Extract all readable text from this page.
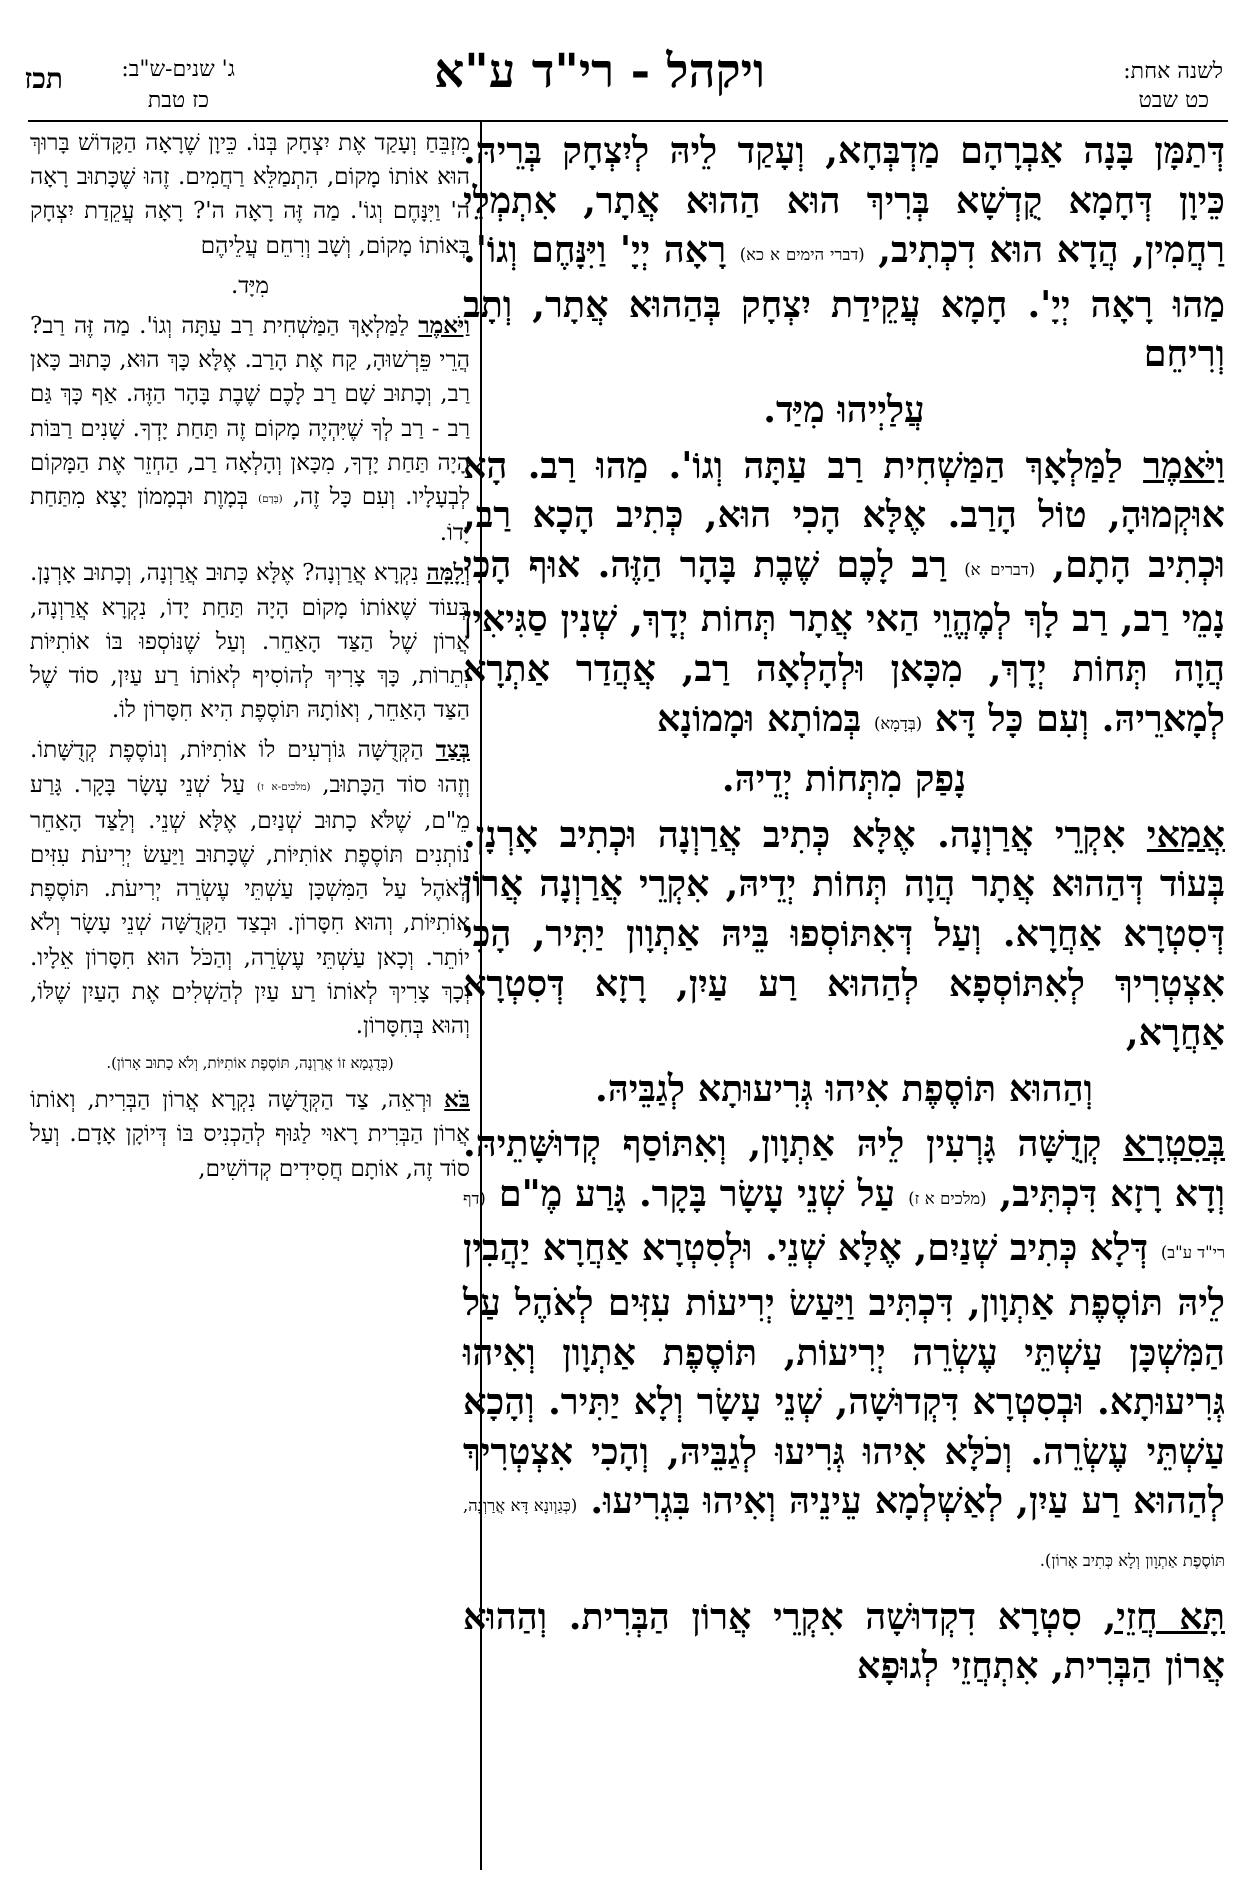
לשנה אחת:
כט שבט
ויקהל - רי"ד ע"א
ג' שנים-ש"ב:
כז טבת
תכז

דְּתַמָּן בָּנָה אַבְרָהָם מַדְבְּחָא, וְעָקַד לֵיהּ לְיִצְחָק בְּרֵיהּ. כֵּיוָן דְּחָמָא קֻדְשָׁא בְּרִיךְ הוּא הַהוּא אֲתָר, אִתְמְלֵי רַחֲמִין, הֲדָא הוּא דִכְתִיב, (דברי הימים א כא) רָאָה יְיָ' וַיִּנָּחֶם וְגוֹ'. מַהוּ רָאָה יְיָ'. חָמָא עֲקֵידַת יִצְחָק בְּהַהוּא אֲתָר, וְתָב וְרִיחֵם

עֲלַיְיהוּ מִיַּד.

וַיֹּאמֶר לַמַּלְאָךְ הַמַּשְׁחִית רַב עַתָּה וְגוֹ'. מַהוּ רַב. הָא אוּקְמוּהָ, טוֹל הָרַב. אֶלָּא הָכִי הוּא, כְּתִיב הָכָא רַב, וּכְתִיב הָתָם, (דברים א) רַב לָכֶם שֶׁבֶת בָּהָר הַזֶּה. אוּף הָכִי נָמֵי רַב, רַב לָךְ לְמֶהֱוֵי הַאי אֲתָר תְּחוֹת יְדָךְ, שְׁנִין סַגִּיאִין הֲוָה תְּחוֹת יְדָךְ, מִכָּאן וּלְהָלְאָה רַב, אֲהֲדַר אַתְרָא לְמָארֵיהּ. וְעִם כָּל דָּא (בְּדָמָא) בְּמוֹתָא וּמָמוֹנָא

נָפַק מִתְּחוֹת יְדֵיהּ.

אֲמַאי אִקְרֵי אֲרַוְנָה. אֶלָּא כְּתִיב אֲרַוְנָה וּכְתִיב אָרְנָן. בְּעוֹד דְּהַהוּא אֲתָר הֲוָה תְּחוֹת יְדֵיהּ, אִקְרֵי אֲרַוְנָה אֲרוֹן דְּסִטְרָא אַחֲרָא. וְעַל דְּאִתּוֹסְפוּ בֵּיהּ אַתְוָון יַתִּיר, הָכִי אִצְטְרִיךְ לְאִתּוֹסְפָא לְהַהוּא רַע עַיִן, רָזָא דְּסִטְרָא אַחֲרָא,

וְהַהוּא תּוֹסֶפֶת אִיהוּ גְּרִיעוּתָא לְגַבֵּיהּ.

בְּסִטְרָא קְדֻשָּׁה גָּרְעִין לֵיהּ אַתְוָון, וְאִתּוֹסַף קְדוּשָּׁתֵיהּ. וְדָא רָזָא דִּכְתִּיב, (מלכים א ז) עַל שְׁנֵי עָשָׂר בָּקָר. גָּרַע מֶ"ם (דף רי"ד ע"ב) דְּלָא כְּתִיב שְׁנַיִם, אֶלָּא שְׁנֵי. וּלְסִטְרָא אַחֲרָא יַהֲבִין לֵיהּ תּוֹסֶפֶת אַתְוָון, דִּכְתִּיב וַיַּעַשׂ יְרִיעוֹת עִזִּים לְאֹהֶל עַל הַמִּשְׁכָּן עַשְׁתֵּי עֶשְׂרֵה יְרִיעוֹת, תּוֹסֶפֶת אַתְוָון וְאִיהוּ גְּרִיעוּתָא. וּבְסִטְרָא דִּקְדוּשָׁה, שְׁנֵי עָשָׂר וְלָא יַתִּיר. וְהָכָא עַשְׁתֵּי עֶשְׂרֵה. וְכֹלָּא אִיהוּ גְּרִיעוּ לְגַבֵּיהּ, וְהָכִי אִצְטְרִיךְ לְהַהוּא רַע עַיִן, לְאַשְׁלְמָא עֵינֵיהּ וְאִיהוּ בִּגְרִיעוּ. (כְּגַוְונָא דָּא אֲרַוְנָה, תּוֹסֶפֶת אַתְוָון וְלָא כְּתִיב אָרוֹן).

תָּא חֲזֵי, סִטְרָא דִקְדוּשָׁה אִקְרֵי אֲרוֹן הַבְּרִית. וְהַהוּא אֲרוֹן הַבְּרִית, אִתְחֲזֵי לְגוּפָא

מִזְבֵּחַ וְעָקַד אֶת יִצְחָק בְּנוֹ. כֵּיוָן שֶׁרָאָה הַקָּדוֹשׁ בָּרוּךְ הוּא אוֹתוֹ מָקוֹם, הִתְמַלֵּא רַחֲמִים. זֶהוּ שֶׁכָּתוּב רָאָה ה' וַיִּנָּחֶם וְגוֹ'. מַה זֶּה רָאָה ה'? רָאָה עֲקֵדַת יִצְחָק בְּאוֹתוֹ מָקוֹם, וְשָׁב וְרִחֵם עֲלֵיהֶם

מִיָּד.

וַיֹּאמֶר לַמַּלְאָךְ הַמַּשְׁחִית רַב עַתָּה וְגוֹ'. מַה זֶּה רַב? הֲרֵי פֵּרְשׁוּהָ, קַח אֶת הָרַב. אֶלָּא כָּךְ הוּא, כָּתוּב כָּאן רַב, וְכָתוּב שָׁם רַב לָכֶם שֶׁבֶת בָּהָר הַזֶּה. אַף כָּךְ גַּם רַב - רַב לְךָ שֶׁיִּהְיֶה מָקוֹם זֶה תַּחַת יָדְךָ. שָׁנִים רַבּוֹת הָיָה תַּחַת יָדְךָ, מִכָּאן וְהָלְאָה רַב, הַחְזֵר אֶת הַמָּקוֹם לְבְעָלָיו. וְעִם כָּל זֶה, (בְּדָם) בְּמָוֶת וּבְמָמוֹן יָצָא מִתַּחַת יָדוֹ.

וְלָמָּה נִקְרָא אֲרַוְנָה? אֶלָּא כָּתוּב אֲרַוְנָה, וְכָתוּב אָרְנָן. בְּעוֹד שֶׁאוֹתוֹ מָקוֹם הָיָה תַּחַת יָדוֹ, נִקְרָא אֲרַוְנָה, אֲרוֹן שֶׁל הַצַּד הָאַחֵר. וְעַל שֶׁנּוֹסְפוּ בּוֹ אוֹתִיּוֹת יְתֵרוֹת, כָּךְ צָרִיךְ לְהוֹסִיף לְאוֹתוֹ רַע עַיִן, סוֹד שֶׁל הַצַּד הָאַחֵר, וְאוֹתָהּ תּוֹסֶפֶת הִיא חִסָּרוֹן לוֹ.

בְּצַד הַקְּדֻשָּׁה גּוֹרְעִים לוֹ אוֹתִיּוֹת, וְנוֹסֶפֶת קְדֻשָּׁתוֹ. וְזֶהוּ סוֹד הַכָּתוּב, (מלכים-א ז) עַל שְׁנֵי עָשָׂר בָּקָר. גָּרַע מֵ"ם, שֶׁלֹּא כָתוּב שְׁנַיִם, אֶלָּא שְׁנֵי. וְלַצַּד הָאַחֵר נוֹתְנִים תּוֹסֶפֶת אוֹתִיּוֹת, שֶׁכָּתוּב וַיַּעַשׂ יְרִיעֹת עִזִּים לְאֹהֶל עַל הַמִּשְׁכָּן עַשְׁתֵּי עֶשְׂרֵה יְרִיעֹת. תּוֹסֶפֶת אוֹתִיּוֹת, וְהוּא חִסָּרוֹן. וּבְצַד הַקְּדֻשָּׁה שְׁנֵי עָשָׂר וְלֹא יוֹתֵר. וְכָאן עַשְׁתֵּי עֶשְׂרֵה, וְהַכֹּל הוּא חִסָּרוֹן אֵלָיו. וְכָךְ צָרִיךְ לְאוֹתוֹ רַע עַיִן לְהַשְׁלִים אֶת הָעַיִן שֶׁלּוֹ, וְהוּא בְּחִסָּרוֹן.

(כְּדֻגְמָא זוֹ אֲרַוְנָה, תּוֹסֶפֶת אוֹתִיּוֹת, וְלֹא כָתוּב אָרוֹן).

בֹּא וּרְאֵה, צַד הַקְּדֻשָּׁה נִקְרָא אֲרוֹן הַבְּרִית, וְאוֹתוֹ אֲרוֹן הַבְּרִית רָאוּי לַגּוּף לְהַכְנִיס בּוֹ דְּיוֹקָן אָדָם. וְעַל סוֹד זֶה, אוֹתָם חֲסִידִים קְדוֹשִׁים,
